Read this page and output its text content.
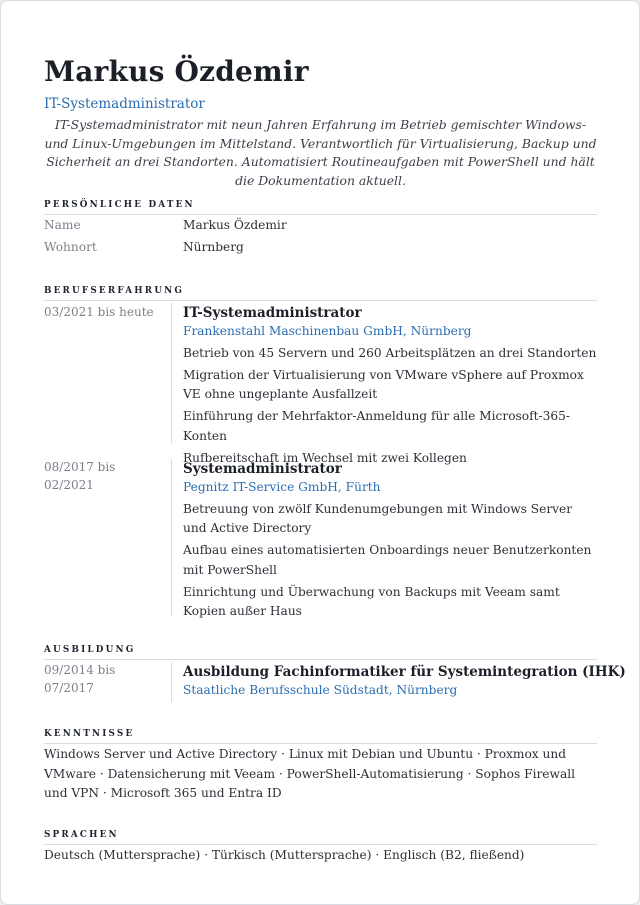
Markus Özdemir
IT-Systemadministrator
IT-Systemadministrator mit neun Jahren Erfahrung im Betrieb gemischter Windows- und Linux-Umgebungen im Mittelstand. Verantwortlich für Virtualisierung, Backup und Sicherheit an drei Standorten. Automatisiert Routineaufgaben mit PowerShell und hält die Dokumentation aktuell.
PERSÖNLICHE DATEN
Name	Markus Özdemir
Wohnort	Nürnberg
BERUFSERFAHRUNG
03/2021 bis heute IT-Systemadministrator
Frankenstahl Maschinenbau GmbH, Nürnberg
Betrieb von 45 Servern und 260 Arbeitsplätzen an drei Standorten
Migration der Virtualisierung von VMware vSphere auf Proxmox VE ohne ungeplante Ausfallzeit
Einführung der Mehrfaktor-Anmeldung für alle Microsoft-365-Konten
Rufbereitschaft im Wechsel mit zwei Kollegen
08/2017 bis 02/2021
Systemadministrator
Pegnitz IT-Service GmbH, Fürth
Betreuung von zwölf Kundenumgebungen mit Windows Server und Active Directory
Aufbau eines automatisierten Onboardings neuer Benutzerkonten mit PowerShell
Einrichtung und Überwachung von Backups mit Veeam samt Kopien außer Haus
AUSBILDUNG
09/2014 bis 07/2017
Ausbildung Fachinformatiker für Systemintegration (IHK)
Staatliche Berufsschule Südstadt, Nürnberg
KENNTNISSE
Windows Server und Active Directory · Linux mit Debian und Ubuntu · Proxmox und VMware · Datensicherung mit Veeam · PowerShell-Automatisierung · Sophos Firewall und VPN · Microsoft 365 und Entra ID
SPRACHEN
Deutsch (Muttersprache) · Türkisch (Muttersprache) · Englisch (B2, fließend)
